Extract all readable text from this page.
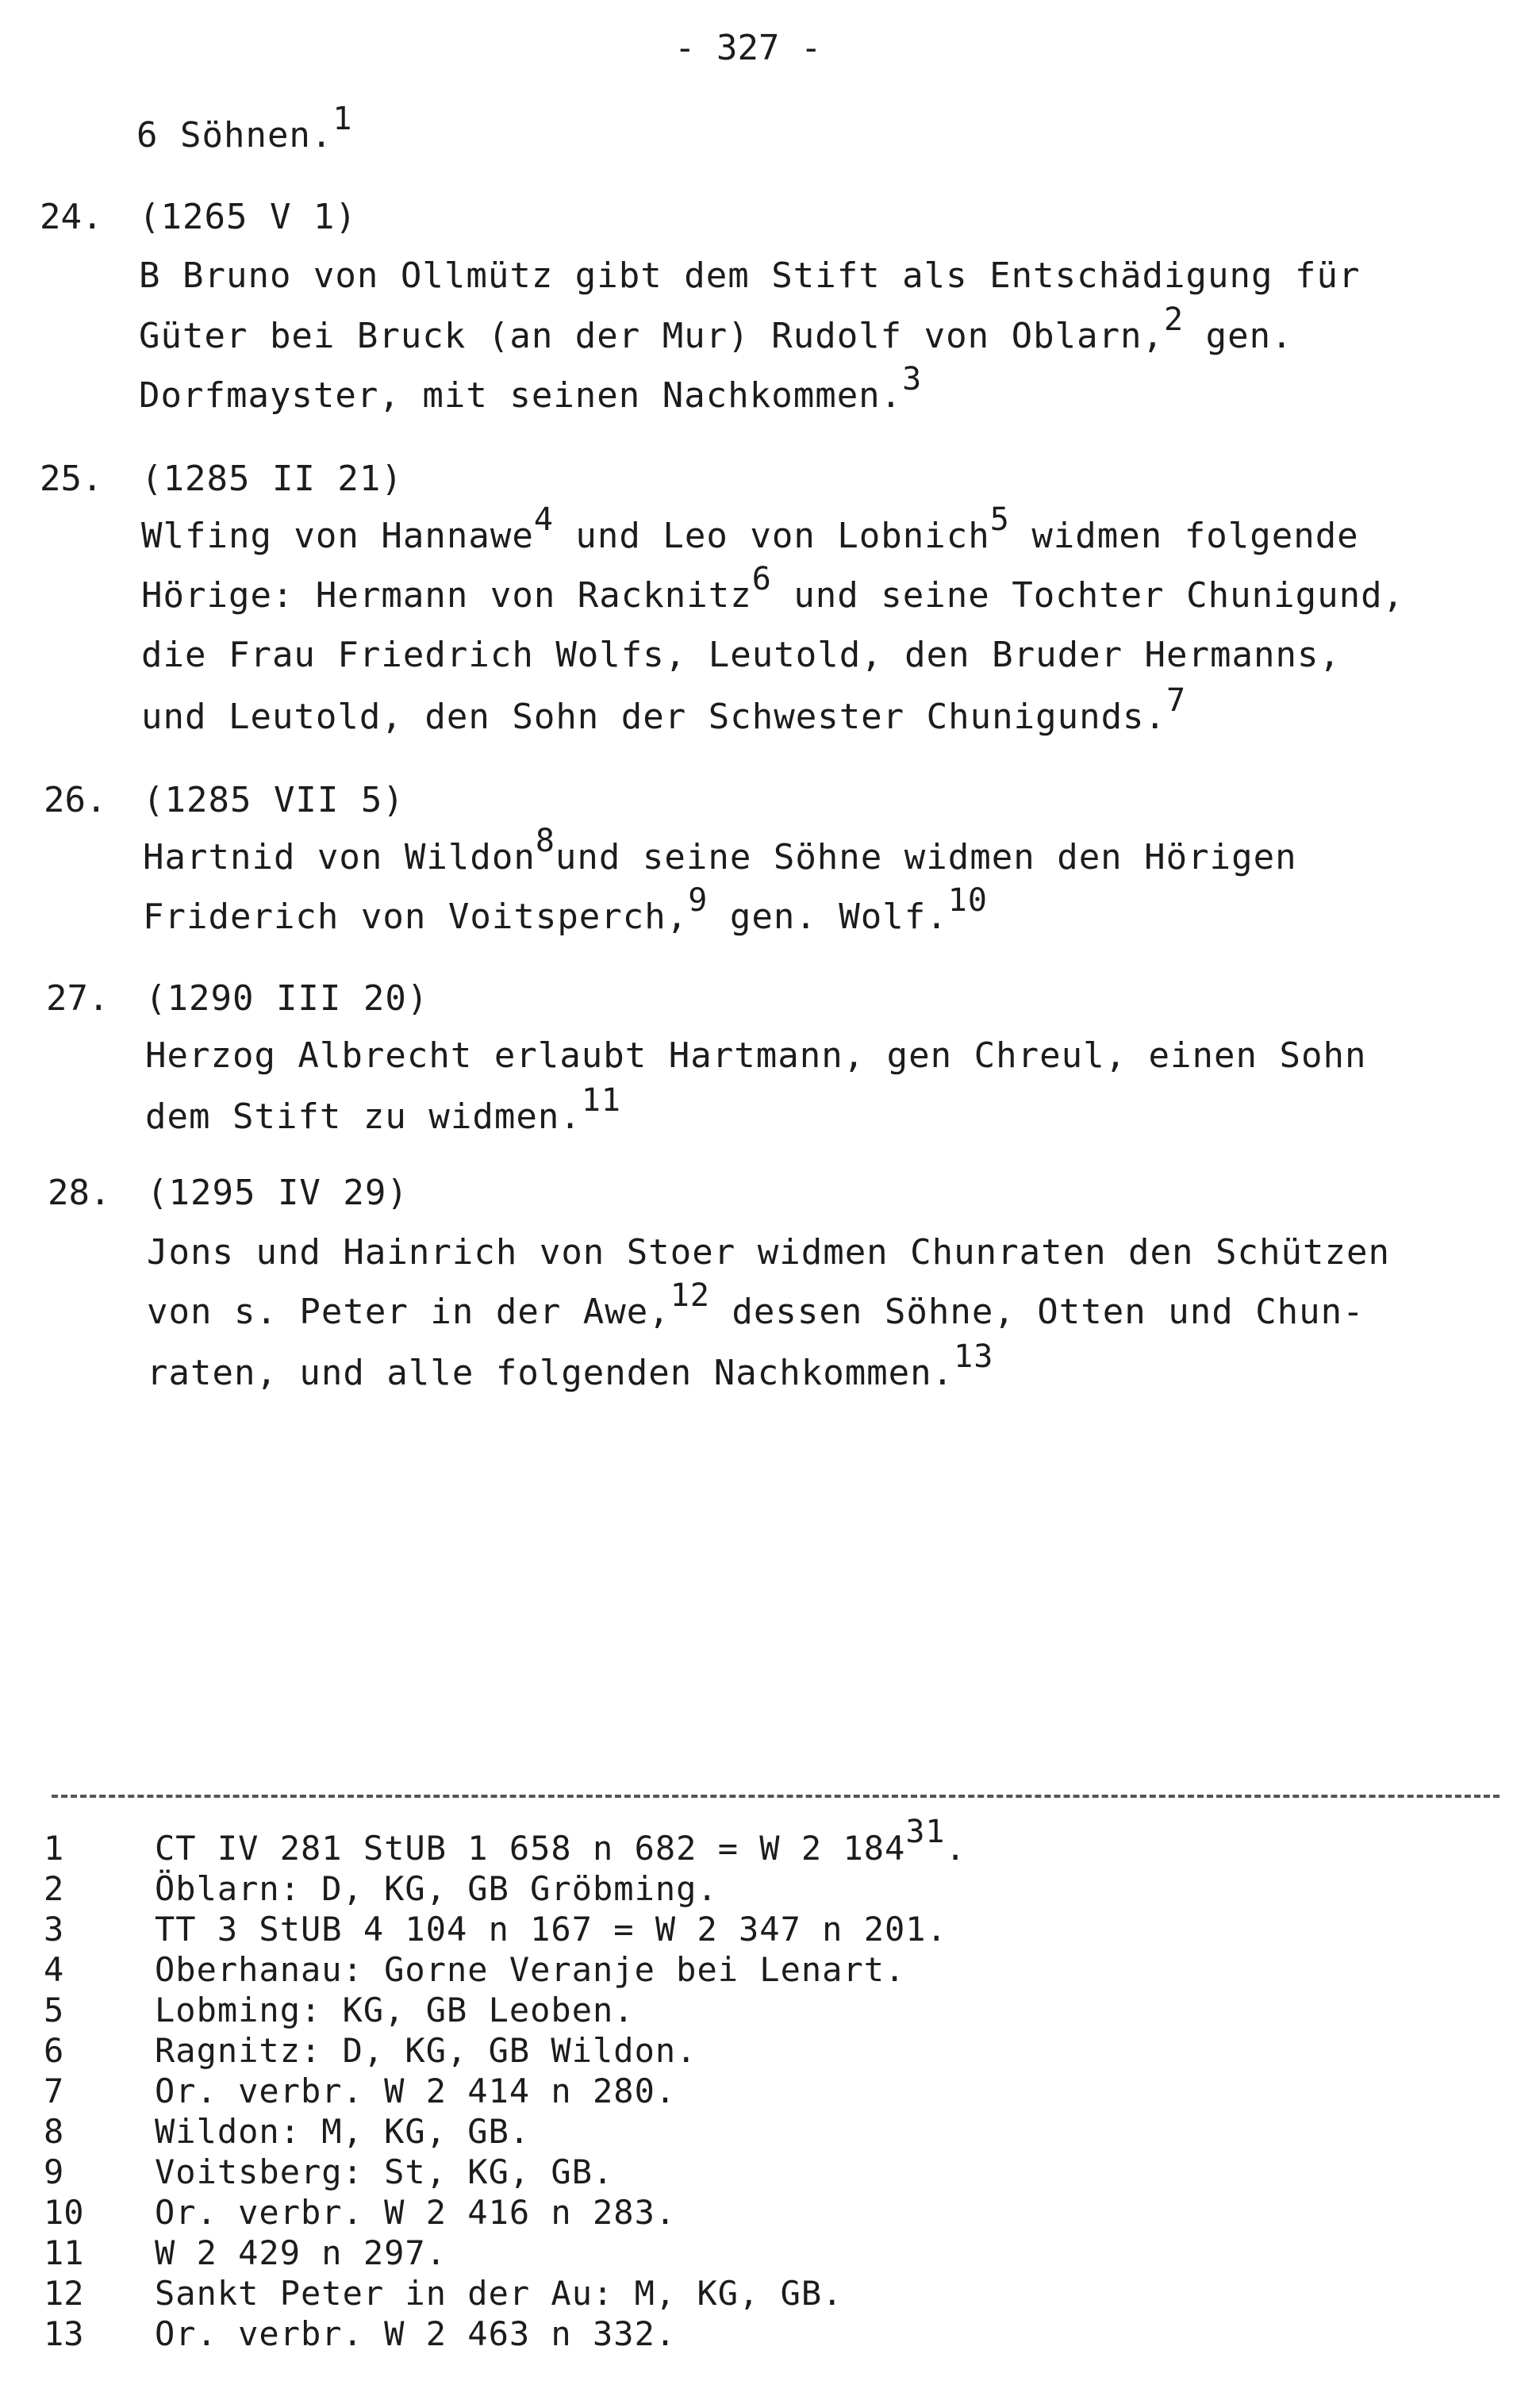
- 327 -
6 Söhnen.$^1$
24. (1265 V 1)
B Bruno von Ollmütz gibt dem Stift als Entschädigung für
Güter bei Bruck (an der Mur) Rudolf von Oblarn,$^2$ gen.
Dorfmayster, mit seinen Nachkommen.$^3$
25. (1285 II 21)
Wlfing von Hannawe$^4$ und Leo von Lobnich$^5$ widmen folgende
Hörige: Hermann von Racknitz$^6$ und seine Tochter Chunigund,
die Frau Friedrich Wolfs, Leutold, den Bruder Hermanns,
und Leutold, den Sohn der Schwester Chunigunds.$^7$
26. (1285 VII 5)
Hartnid von Wildon$^8$und seine Söhne widmen den Hörigen
Friderich von Voitsperch,$^9$ gen. Wolf.$^{10}$
27. (1290 III 20)
Herzog Albrecht erlaubt Hartmann, gen Chreul, einen Sohn
dem Stift zu widmen.$^{11}$
28. (1295 IV 29)
Jons und Hainrich von Stoer widmen Chunraten den Schützen
von s. Peter in der Awe,$^{12}$ dessen Söhne, Otten und Chun-
raten, und alle folgenden Nachkommen.$^{13}$
1	CT IV 281 StUB 1 658 n 682 = W 2 $184^{31}$.
2	Öblarn: D, KG, GB Gröbming.
3	TT 3 StUB 4 104 n 167 = W 2 347 n 201.
4	Oberhanau: Gorne Veranje bei Lenart.
5	Lobming: KG, GB Leoben.
6	Ragnitz: D, KG, GB Wildon.
7	Or. verbr. W 2 414 n 280.
8	Wildon: M, KG, GB.
9	Voitsberg: St, KG, GB.
10	Or. verbr. W 2 416 n 283.
11	W 2 429 n 297.
12	Sankt Peter in der Au: M, KG, GB.
13	Or. verbr. W 2 463 n 332.
